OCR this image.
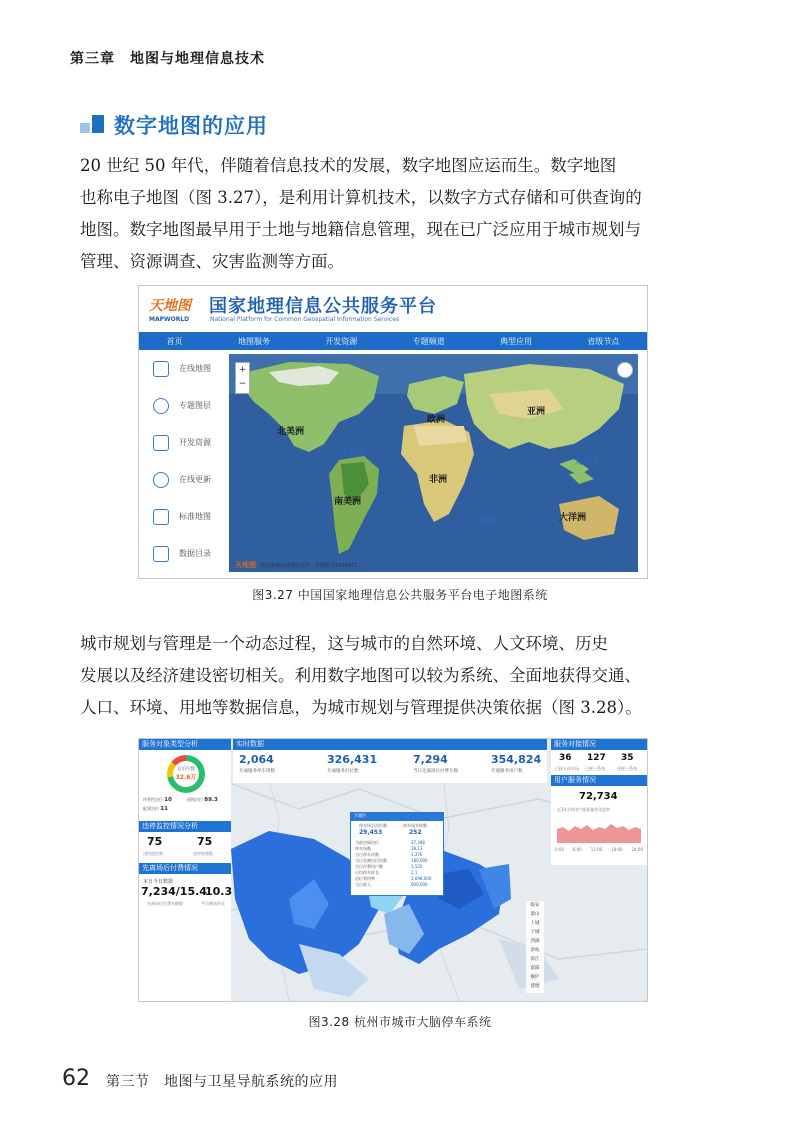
第三章　地图与地理信息技术
数字地图的应用

20 世纪 50 年代，伴随着信息技术的发展，数字地图应运而生。数字地图
也称电子地图（图 3.27），是利用计算机技术，以数字方式存储和可供查询的
地图。数字地图最早用于土地与地籍信息管理，现在已广泛应用于城市规划与
管理、资源调查、灾害监测等方面。

天地图
MAPWORLD
国家地理信息公共服务平台
National Platform for Common Geospatial Information Services
首页	地图服务	开发资源	专题频道	典型应用	省级节点
在线地图
专题图层
开发资源
在线更新
标准地图
数据目录
北美洲
南美洲
欧洲
非洲
亚洲
大洋洲
大西洋
太平洋
印度洋
+
−
天地图 ©国家测绘地理信息局 · 甲测资字1100471
图3.27 中国国家地理信息公共服务平台电子地图系统

城市规划与管理是一个动态过程，这与城市的自然环境、人文环境、历史
发展以及经济建设密切相关。利用数字地图可以较为系统、全面地获得交通、
人口、环境、用地等数据信息，为城市规划与管理提供决策依据（图 3.28）。

服务对象类型分析
总泊位数
32.6万
经营性泊位 10	道路泊位 89.3
配建泊位 11
违停监控情况分析
75
违停监控数
75
违停处理数
先离场后付费情况
本日今日数据
7,234/15.4
10.3
先离场后付费车辆数	平均离场时长
实时数据
2,064
开通服务停车场数
326,431
开通服务泊位数
7,294
当日先离场后付费车数
354,824
开通服务用户数
服务对接情况
36
已接入停车场
127
已接入系统
35
待接入系统
用户服务情况
72,734
近24小时用户服务量变化趋势
0:00 6:00 12:00 18:00 24:00
下城区
停车场总泊位数	停车场实时数
29,453	252
当前空闲泊位	27,286
停车场数	18,13
当日停车次数	3,276
当日先离后付次数	180,000
当日付费用户数	1,520
日均停车时长	2,1
泊位利用率	3,698,000
当日收入	600,000
临安
萧山
上城
下城
西湖
余杭
滨江
富阳
桐庐
建德
图3.28 杭州市城市大脑停车系统
62 第三节　地图与卫星导航系统的应用
